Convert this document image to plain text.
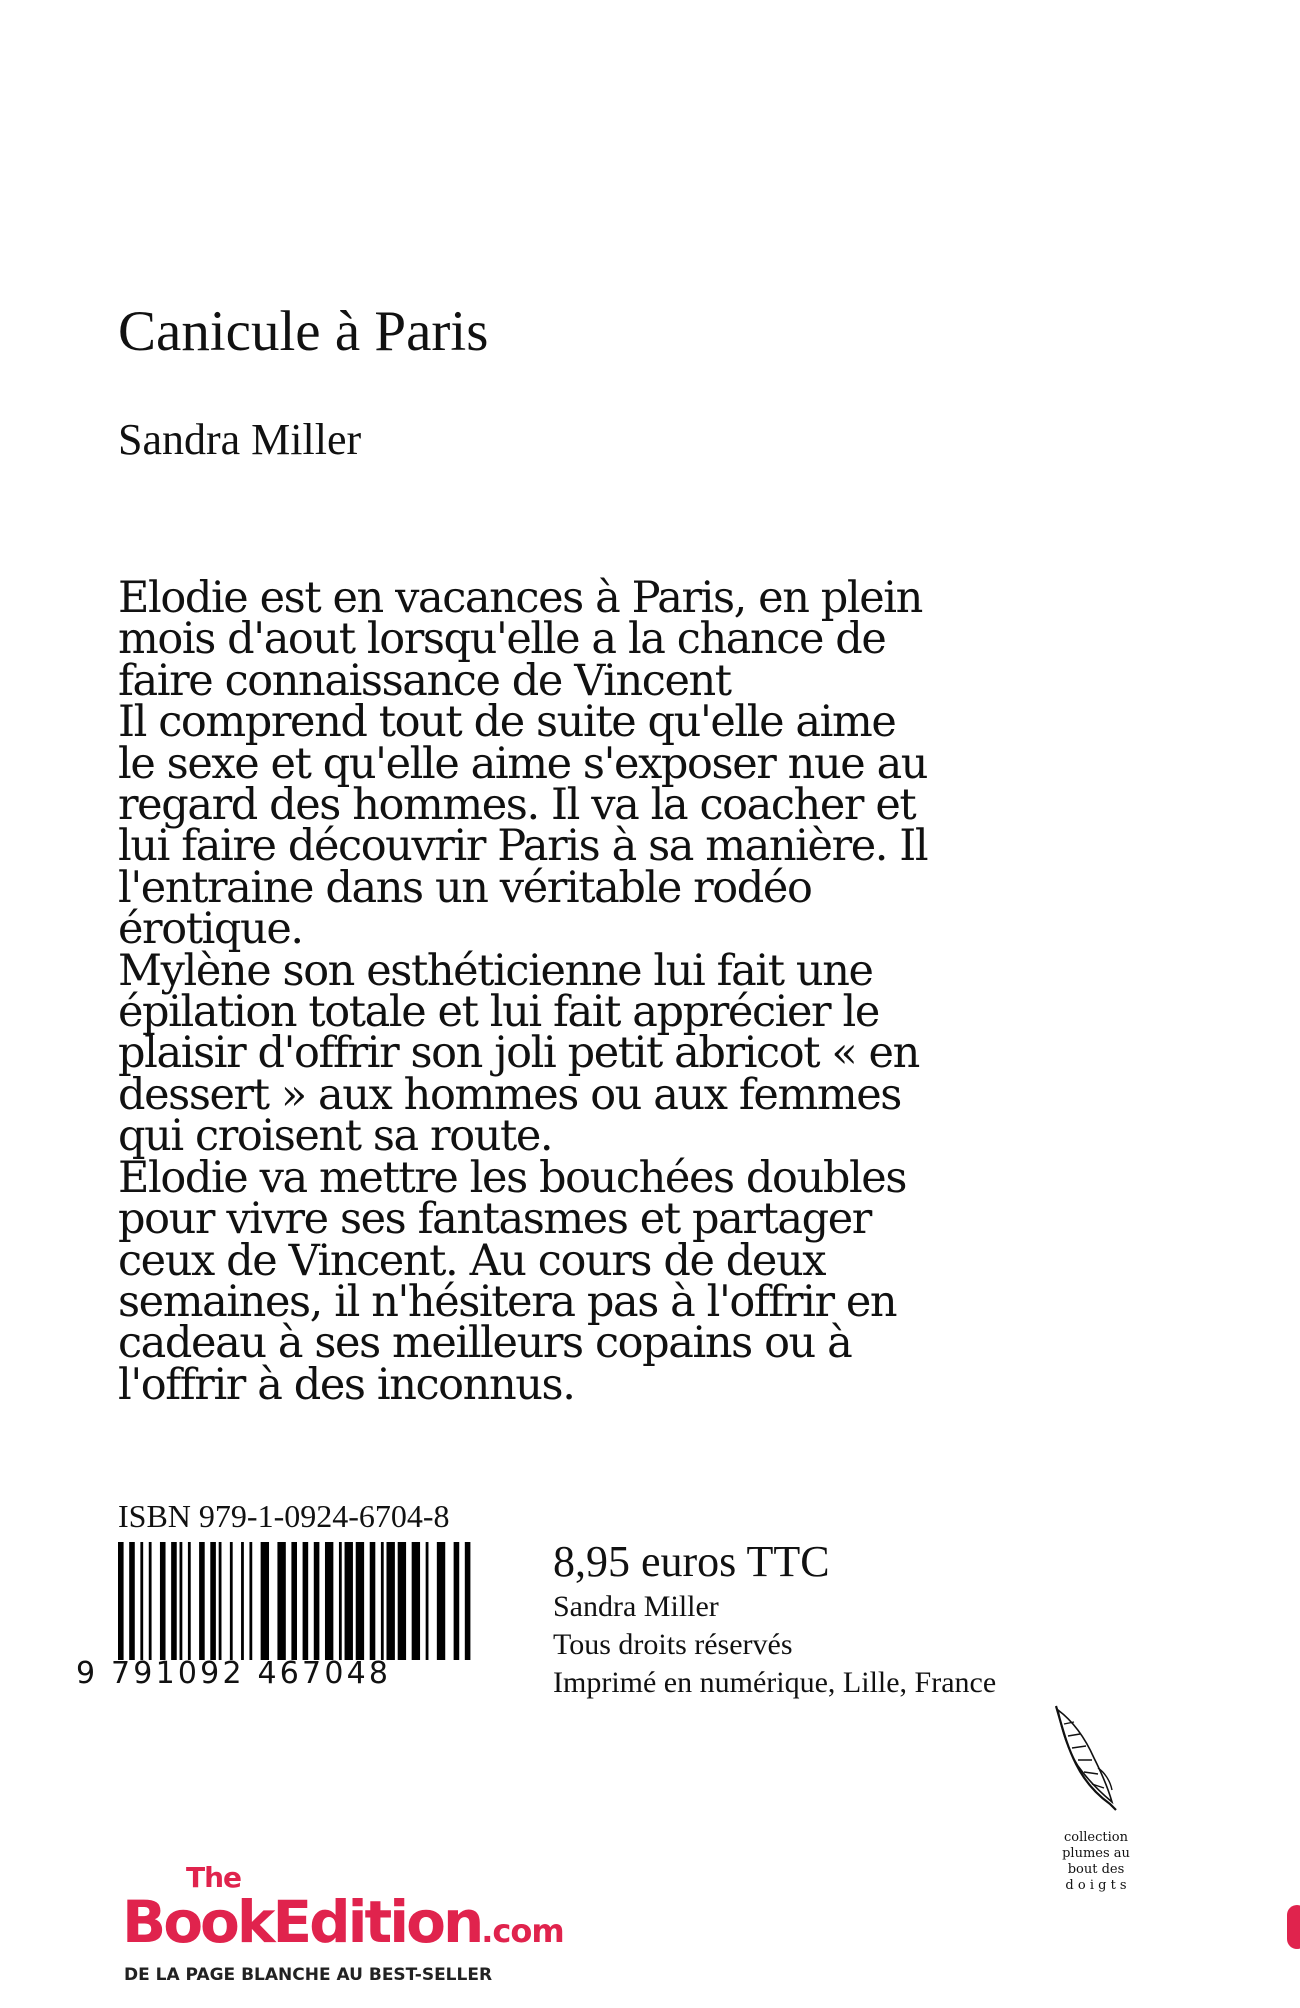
Canicule à Paris
Sandra Miller
Elodie est en vacances à Paris, en plein
mois d'aout lorsqu'elle a la chance de
faire connaissance de Vincent
Il comprend tout de suite qu'elle aime
le sexe et qu'elle aime s'exposer nue au
regard des hommes. Il va la coacher et
lui faire découvrir Paris à sa manière. Il
l'entraine dans un véritable rodéo
érotique.
Mylène son esthéticienne lui fait une
épilation totale et lui fait apprécier le
plaisir d'offrir son joli petit abricot « en
dessert » aux hommes ou aux femmes
qui croisent sa route.
Elodie va mettre les bouchées doubles
pour vivre ses fantasmes et partager
ceux de Vincent. Au cours de deux
semaines, il n'hésitera pas à l'offrir en
cadeau à ses meilleurs copains ou à
l'offrir à des inconnus.
ISBN 979-1-0924-6704-8
9 791092 467048
8,95 euros TTC
Sandra Miller
Tous droits réservés
Imprimé en numérique, Lille, France
The
BookEdition.com
DE LA PAGE BLANCHE AU BEST-SELLER
collection
plumes au
bout des
d o i g t s
